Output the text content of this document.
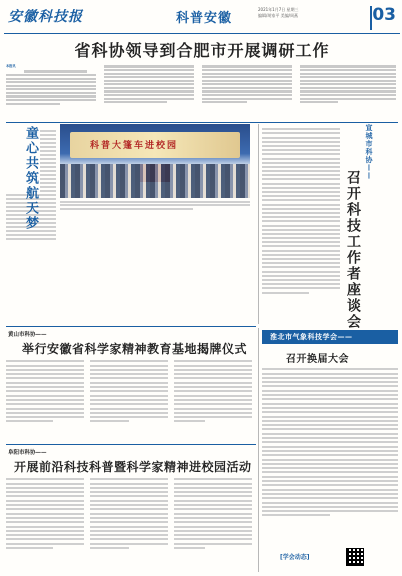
安徽科技报	科普安徽
2021年1月7日 星期三
编辑/胡家平 美编/周燕	03
省科协领导到合肥市开展调研工作
本报讯
童心共筑航天梦	科普大篷车进校园	宣城市科协——
召开科技工作者座谈会
黄山市科协——
举行安徽省科学家精神教育基地揭牌仪式
阜阳市科协——
开展前沿科技科普暨科学家精神进校园活动
淮北市气象科技学会——
召开换届大会
[学会动态]
